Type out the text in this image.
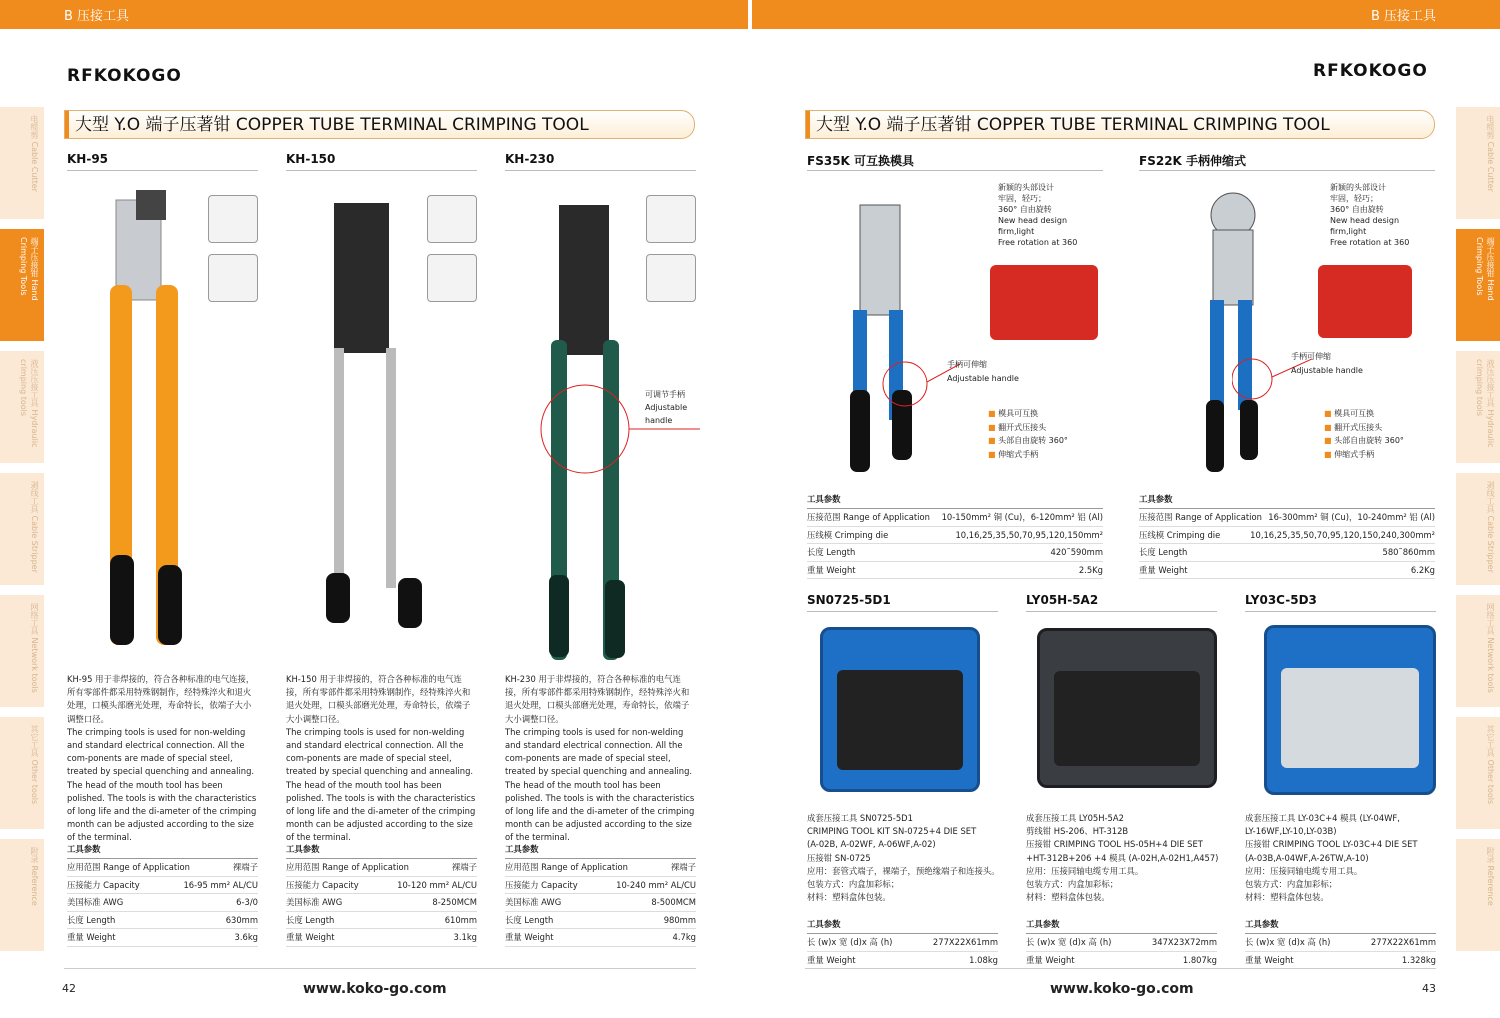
B 压接工具	B 压接工具
RFKOKOGO	RFKOKOGO
大型 Y.O 端子压著钳 COPPER TUBE TERMINAL CRIMPING TOOL	大型 Y.O 端子压著钳 COPPER TUBE TERMINAL CRIMPING TOOL
电缆剪 Cable Cutter
端子压接钳 Hand Crimping Tools
液压压接工具 Hydraulic crimping tools
剥线工具 Cable Stripper
网络工具 Network tools
其它工具 Other tools
附录 Reference
电缆剪 Cable Cutter
端子压接钳 Hand Crimping Tools
液压压接工具 Hydraulic crimping tools
剥线工具 Cable Stripper
网络工具 Network tools
其它工具 Other tools
附录 Reference
KH-95	KH-150	KH-230
可调节手柄
Adjustable
handle
KH-95 用于非焊接的，符合各种标准的电气连接，所有零部件都采用特殊钢制作，经特殊淬火和退火处理，口模头部磨光处理，寿命特长，依端子大小调整口径。
The crimping tools is used for non-welding and standard electrical connection. All the com-ponents are made of special steel, treated by special quenching and annealing. The head of the mouth tool has been polished. The tools is with the characteristics of long life and the di-ameter of the crimping month can be adjusted according to the size of the terminal.
KH-150 用于非焊接的，符合各种标准的电气连接，所有零部件都采用特殊钢制作，经特殊淬火和退火处理，口模头部磨光处理，寿命特长，依端子大小调整口径。
The crimping tools is used for non-welding and standard electrical connection. All the com-ponents are made of special steel, treated by special quenching and annealing. The head of the mouth tool has been polished. The tools is with the characteristics of long life and the di-ameter of the crimping month can be adjusted according to the size of the terminal.
KH-230 用于非焊接的，符合各种标准的电气连接，所有零部件都采用特殊钢制作，经特殊淬火和退火处理，口模头部磨光处理，寿命特长，依端子大小调整口径。
The crimping tools is used for non-welding and standard electrical connection. All the com-ponents are made of special steel, treated by special quenching and annealing. The head of the mouth tool has been polished. The tools is with the characteristics of long life and the di-ameter of the crimping month can be adjusted according to the size of the terminal.
工具参数
应用范围 Range of Application	裸端子
压接能力 Capacity	16-95 mm² AL/CU
美国标准 AWG	6-3/0
长度 Length	630mm
重量 Weight	3.6kg
工具参数
应用范围 Range of Application	裸端子
压接能力 Capacity	10-120 mm² AL/CU
美国标准 AWG	8-250MCM
长度 Length	610mm
重量 Weight	3.1kg
工具参数
应用范围 Range of Application	裸端子
压接能力 Capacity	10-240 mm² AL/CU
美国标准 AWG	8-500MCM
长度 Length	980mm
重量 Weight	4.7kg
FS35K 可互换模具	FS22K 手柄伸缩式
新颖的头部设计
牢固，轻巧；
360° 自由旋转
New head design
firm,light
Free rotation at 360
新颖的头部设计
牢固，轻巧；
360° 自由旋转
New head design
firm,light
Free rotation at 360
手柄可伸缩
Adjustable handle
手柄可伸缩
Adjustable handle
■ 模具可互换
■ 翻开式压接头
■ 头部自由旋转 360°
■ 伸缩式手柄
■ 模具可互换
■ 翻开式压接头
■ 头部自由旋转 360°
■ 伸缩式手柄
工具参数
压接范围 Range of Application 10-150mm² 铜 (Cu)，6-120mm² 铝 (Al)
压线模 Crimping die	10,16,25,35,50,70,95,120,150mm²
长度 Length	420˜590mm
重量 Weight	2.5Kg
工具参数
压接范围 Range of Application 16-300mm² 铜 (Cu)，10-240mm² 铝 (Al)
压线模 Crimping die	10,16,25,35,50,70,95,120,150,240,300mm²
长度 Length	580˜860mm
重量 Weight	6.2Kg
SN0725-5D1	LY05H-5A2	LY03C-5D3
成套压接工具 SN0725-5D1
CRIMPING TOOL KIT SN-0725+4 DIE SET
(A-02B, A-02WF, A-06WF,A-02)
压接钳 SN-0725
应用：套管式端子，裸端子，预绝缘端子和连接头。
包装方式：内盒加彩标；
材料：塑料盒体包装。
成套压接工具 LY05H-5A2
剪线钳 HS-206、HT-312B
压接钳 CRIMPING TOOL HS-05H+4 DIE SET
+HT-312B+206 +4 模具 (A-02H,A-02H1,A457)
应用：压接同轴电缆专用工具。
包装方式：内盒加彩标；
材料：塑料盒体包装。
成套压接工具 LY-03C+4 模具 (LY-04WF,
LY-16WF,LY-10,LY-03B)
压接钳 CRIMPING TOOL LY-03C+4 DIE SET
(A-03B,A-04WF,A-26TW,A-10)
应用：压接同轴电缆专用工具。
包装方式：内盒加彩标；
材料：塑料盒体包装。
工具参数
长 (w)x 宽 (d)x 高 (h)	277X22X61mm
重量 Weight	1.08kg
工具参数
长 (w)x 宽 (d)x 高 (h)	347X23X72mm
重量 Weight	1.807kg
工具参数
长 (w)x 宽 (d)x 高 (h)	277X22X61mm
重量 Weight	1.328kg
42	43
www.koko-go.com	www.koko-go.com
